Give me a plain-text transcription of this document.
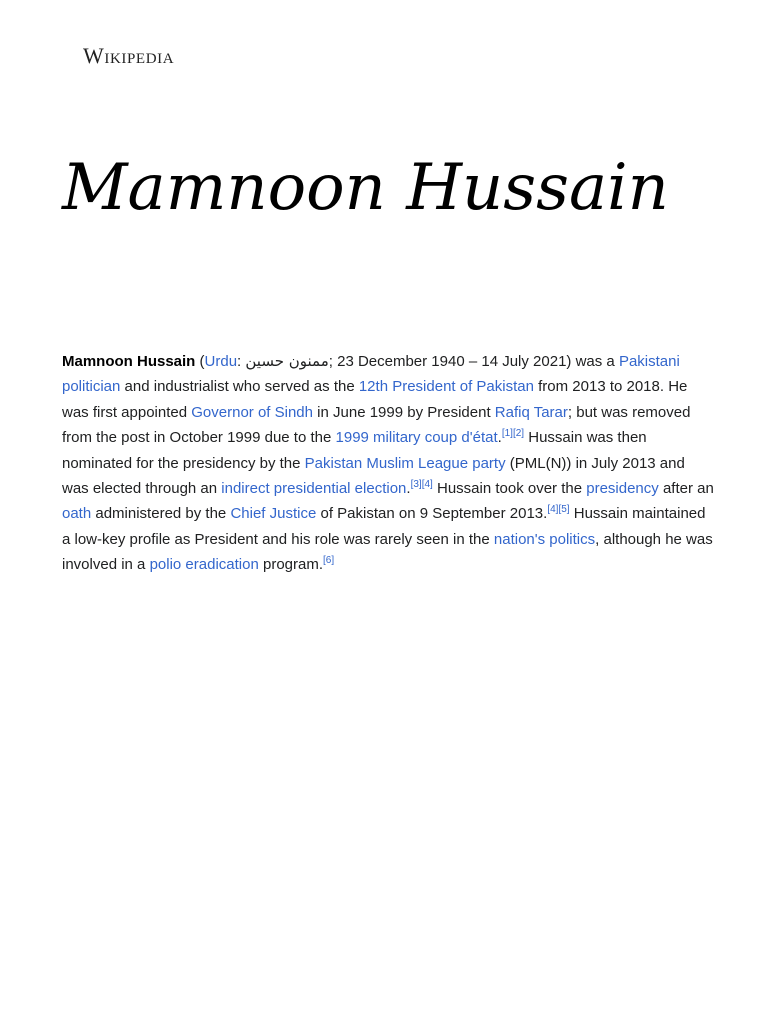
Wikipedia
Mamnoon Hussain

Mamnoon Hussain (Urdu: ممنون حسین; 23 December 1940 – 14 July 2021) was a Pakistani politician and industrialist who served as the 12th President of Pakistan from 2013 to 2018. He was first appointed Governor of Sindh in June 1999 by President Rafiq Tarar; but was removed from the post in October 1999 due to the 1999 military coup d'état.[1][2] Hussain was then nominated for the presidency by the Pakistan Muslim League party (PML(N)) in July 2013 and was elected through an indirect presidential election.[3][4] Hussain took over the presidency after an oath administered by the Chief Justice of Pakistan on 9 September 2013.[4][5] Hussain maintained a low-key profile as President and his role was rarely seen in the nation's politics, although he was involved in a polio eradication program.[6]
